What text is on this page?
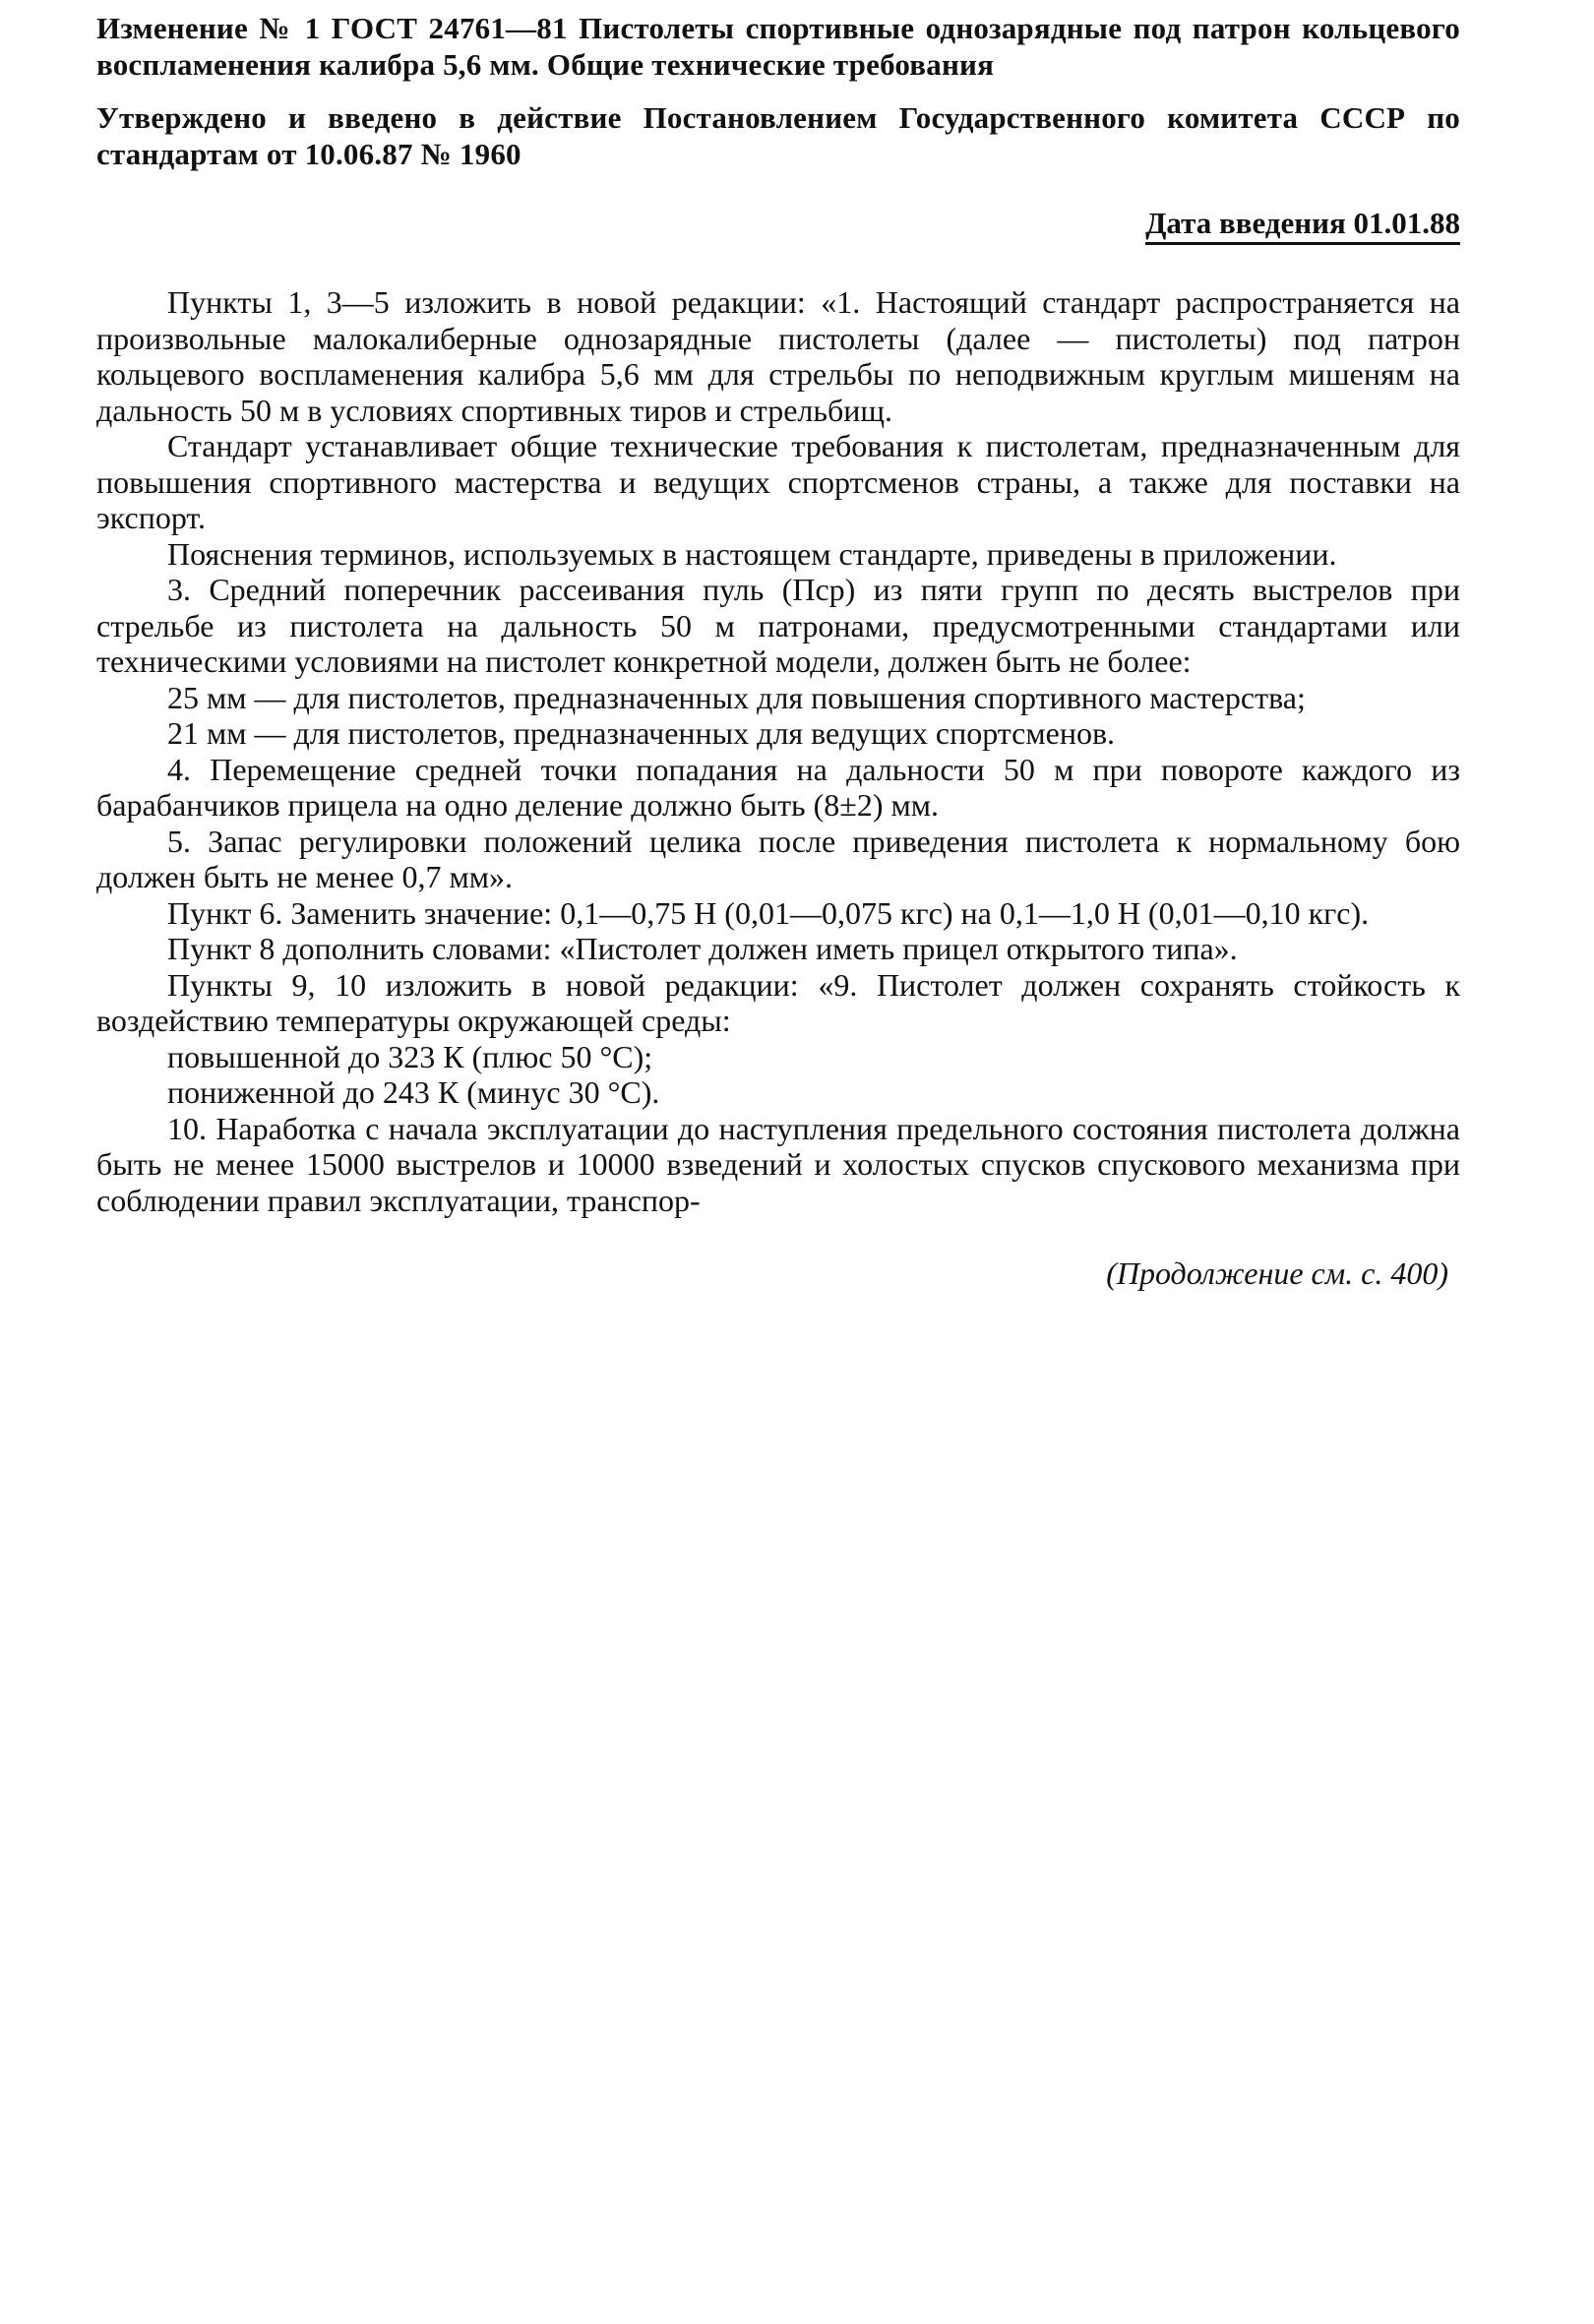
Изменение № 1 ГОСТ 24761—81 Пистолеты спортивные однозарядные под патрон кольцевого воспламенения калибра 5,6 мм. Общие технические требования

Утверждено и введено в действие Постановлением Государственного комитета СССР по стандартам от 10.06.87 № 1960

Дата введения 01.01.88

Пункты 1, 3—5 изложить в новой редакции: «1. Настоящий стандарт распространяется на произвольные малокалиберные однозарядные пистолеты (далее — пистолеты) под патрон кольцевого воспламенения калибра 5,6 мм для стрельбы по неподвижным круглым мишеням на дальность 50 м в условиях спортивных тиров и стрельбищ.

Стандарт устанавливает общие технические требования к пистолетам, предназначенным для повышения спортивного мастерства и ведущих спортсменов страны, а также для поставки на экспорт.

Пояснения терминов, используемых в настоящем стандарте, приведены в приложении.

3. Средний поперечник рассеивания пуль (Пср) из пяти групп по десять выстрелов при стрельбе из пистолета на дальность 50 м патронами, предусмотренными стандартами или техническими условиями на пистолет конкретной модели, должен быть не более:

25 мм — для пистолетов, предназначенных для повышения спортивного мастерства;

21 мм — для пистолетов, предназначенных для ведущих спортсменов.

4. Перемещение средней точки попадания на дальности 50 м при повороте каждого из барабанчиков прицела на одно деление должно быть (8±2) мм.

5. Запас регулировки положений целика после приведения пистолета к нормальному бою должен быть не менее 0,7 мм».

Пункт 6. Заменить значение: 0,1—0,75 Н (0,01—0,075 кгс) на 0,1—1,0 Н (0,01—0,10 кгс).

Пункт 8 дополнить словами: «Пистолет должен иметь прицел открытого типа».

Пункты 9, 10 изложить в новой редакции: «9. Пистолет должен сохранять стойкость к воздействию температуры окружающей среды:

повышенной до 323 К (плюс 50 °С);

пониженной до 243 К (минус 30 °С).

10. Наработка с начала эксплуатации до наступления предельного состояния пистолета должна быть не менее 15000 выстрелов и 10000 взведений и холостых спусков спускового механизма при соблюдении правил эксплуатации, транспор-

(Продолжение см. с. 400)
